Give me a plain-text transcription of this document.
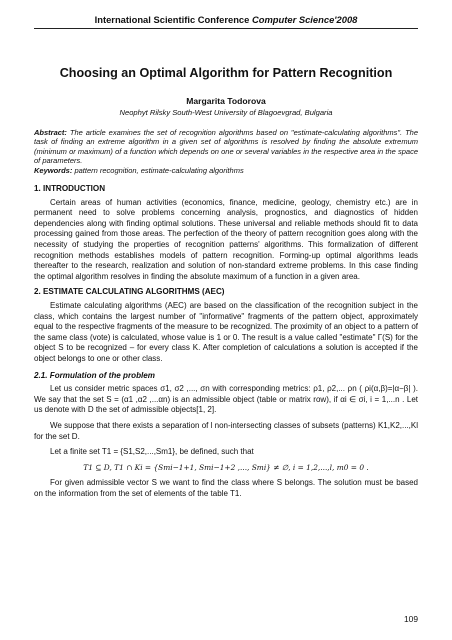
International Scientific Conference Computer Science'2008
Choosing an Optimal Algorithm for Pattern Recognition
Margarita Todorova
Neophyt Rilsky South-West University of Blagoevgrad, Bulgaria
Abstract: The article examines the set of recognition algorithms based on "estimate-calculating algorithms". The task of finding an extreme algorithm in a given set of algorithms is resolved by finding the absolute extremum (minimum or maximum) of a function which depends on one or several variables in the respective area in the space of parameters.
Keywords: pattern recognition, estimate-calculating algorithms
1. INTRODUCTION

Certain areas of human activities (economics, finance, medicine, geology, chemistry etc.) are in permanent need to solve problems concerning analysis, prognostics, and diagnostics of hidden dependencies along with finding optimal solutions. These universal and reliable methods should fit to data processing gained from those areas. The perfection of the theory of pattern recognition goes along with the necessity of studying the properties of recognition patterns' algorithms. This formalization of different recognition methods establishes models of pattern recognition. Forming-up optimal algorithms leads thereafter to the research, realization and solution of non-standard extreme problems. In this case finding the optimal algorithm resolves in finding the absolute maximum of a function in a given area.

2. ESTIMATE CALCULATING ALGORITHMS (AEC)

Estimate calculating algorithms (AEC) are based on the classification of the recognition subject in the class, which contains the largest number of "informative" fragments of the pattern object, approximately equal to the respective fragments of the measure to be recognized. The proximity of an object to a pattern of the same class (vote) is calculated, whose value is 1 or 0. The result is a value called "estimate" Γ(S) for the object S to be recognized – for every class K. After completion of calculations a solution is accepted if the object belongs to one or other class.

2.1. Formulation of the problem

Let us consider metric spaces σ1, σ2 ,..., σn with corresponding metrics: ρ1, ρ2,... ρn ( ρi(α,β)=|α−β| ). We say that the set S = (α1 ,α2 ,...αn) is an admissible object (table or matrix row), if αi ∈ σi, i = 1,...n . Let us denote with D the set of admissible objects[1, 2].

We suppose that there exists a separation of l non-intersecting classes of subsets (patterns) K1,K2,...,Kl for the set D.

Let a finite set T1 = {S1,S2,...,Sm1}, be defined, such that

T1 ⊆ D, T1 ∩ Ki = {Smi−1+1, Smi−1+2 ,..., Smi} ≠ ∅, i = 1,2,...,l, m0 = 0 .

For given admissible vector S we want to find the class where S belongs. The solution must be based on the information from the set of elements of the table T1.

109
